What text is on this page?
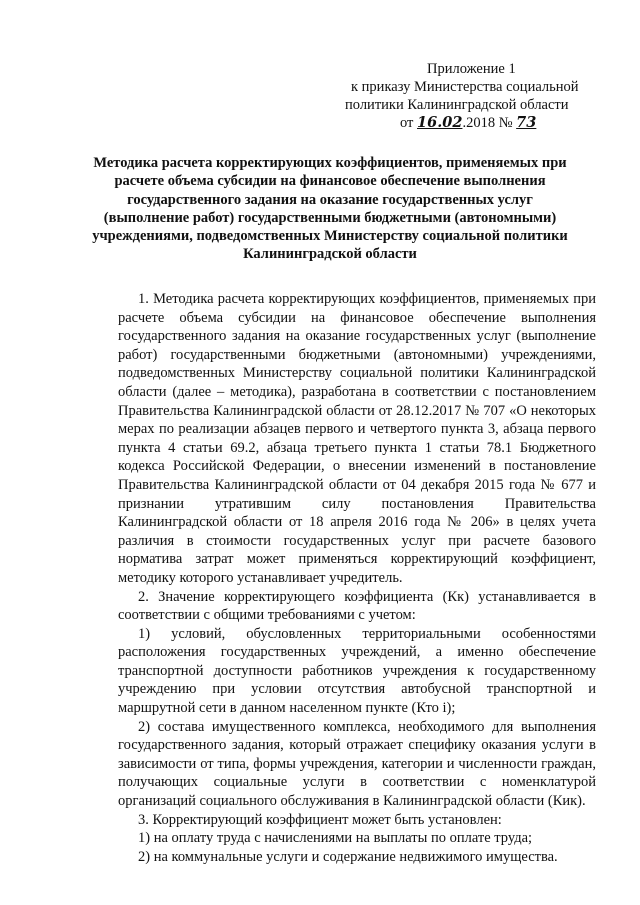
Приложение 1
к приказу Министерства социальной
политики Калининградской области
от 16.02.2018 № 73
Методика расчета корректирующих коэффициентов, применяемых при
расчете объема субсидии на финансовое обеспечение выполнения
государственного задания на оказание государственных услуг
(выполнение работ) государственными бюджетными (автономными)
учреждениями, подведомственных Министерству социальной политики
Калининградской области

1. Методика расчета корректирующих коэффициентов, применяемых при расчете объема субсидии на финансовое обеспечение выполнения государственного задания на оказание государственных услуг (выполнение работ) государственными бюджетными (автономными) учреждениями, подведомственных Министерству социальной политики Калининградской области (далее – методика), разработана в соответствии с постановлением Правительства Калининградской области от 28.12.2017 № 707 «О некоторых мерах по реализации абзацев первого и четвертого пункта 3, абзаца первого пункта 4 статьи 69.2, абзаца третьего пункта 1 статьи 78.1 Бюджетного кодекса Российской Федерации, о внесении изменений в постановление Правительства Калининградской области от 04 декабря 2015 года № 677 и признании утратившим силу постановления Правительства Калининградской области от 18 апреля 2016 года № 206» в целях учета различия в стоимости государственных услуг при расчете базового норматива затрат может применяться корректирующий коэффициент, методику которого устанавливает учредитель.

2. Значение корректирующего коэффициента (Кк) устанавливается в соответствии с общими требованиями с учетом:

1) условий, обусловленных территориальными особенностями расположения государственных учреждений, а именно обеспечение транспортной доступности работников учреждения к государственному учреждению при условии отсутствия автобусной транспортной и маршрутной сети в данном населенном пункте (Кто i);

2) состава имущественного комплекса, необходимого для выполнения государственного задания, который отражает специфику оказания услуги в зависимости от типа, формы учреждения, категории и численности граждан, получающих социальные услуги в соответствии с номенклатурой организаций социального обслуживания в Калининградской области (Кик).

3. Корректирующий коэффициент может быть установлен:

1) на оплату труда с начислениями на выплаты по оплате труда;

2) на коммунальные услуги и содержание недвижимого имущества.
